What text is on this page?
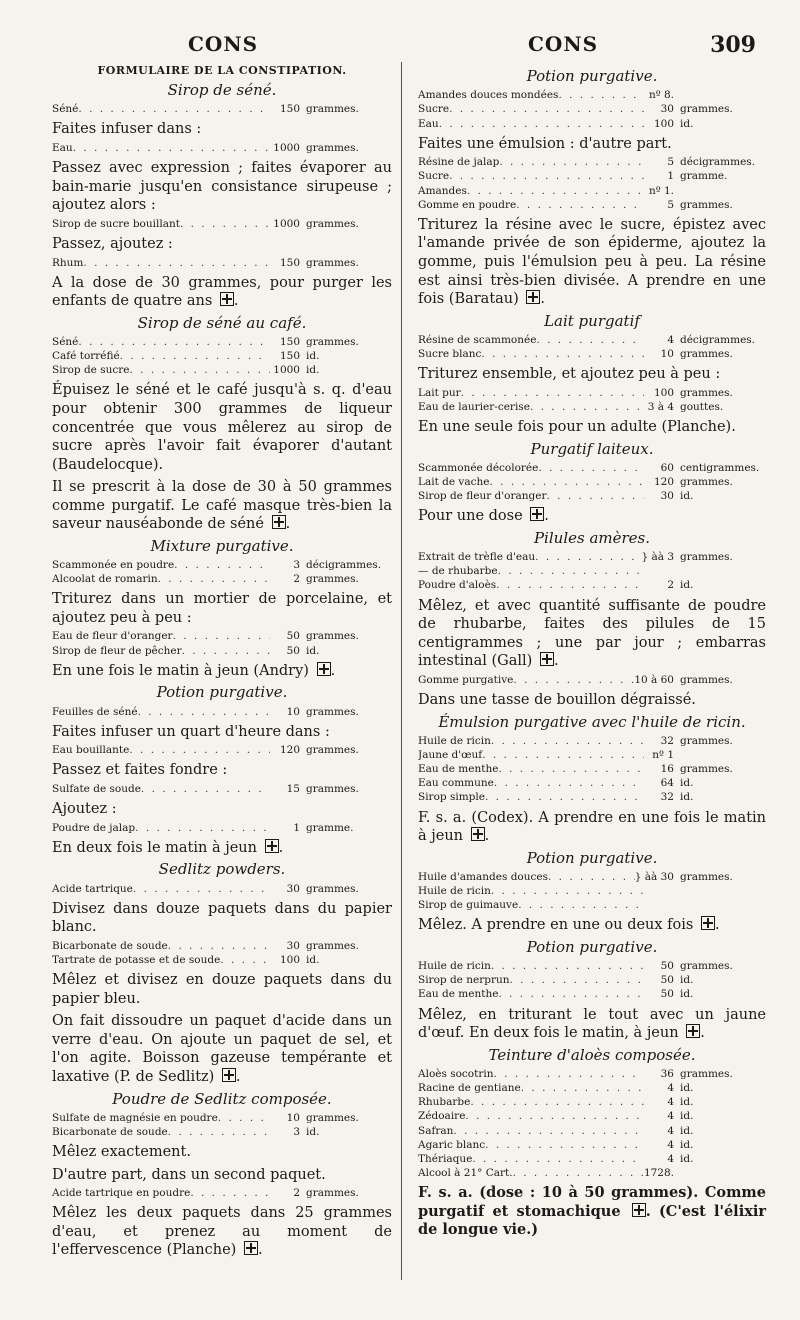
CONS	CONS	309
FORMULAIRE DE LA CONSTIPATION.
Sirop de séné.
Séné . . .	150 grammes.
Faites infuser dans :
Eau . . .	1000 grammes.
Passez avec expression ; faites évaporer au bain-marie jusqu'en consistance sirupeuse ; ajoutez alors :
Sirop de sucre bouillant . . .	1000 grammes.
Passez, ajoutez :
Rhum . . .	150 grammes.
A la dose de 30 grammes, pour purger les enfants de quatre ans .
Sirop de séné au café.
Séné . . .	150 grammes.
Café torréfié . . .	150 id.
Sirop de sucre . . .	1000 id.
Épuisez le séné et le café jusqu'à s. q. d'eau pour obtenir 300 grammes de liqueur concentrée que vous mêlerez au sirop de sucre après l'avoir fait évaporer d'autant (Baudelocque).
Il se prescrit à la dose de 30 à 50 grammes comme purgatif. Le café masque très-bien la saveur nauséabonde de séné .
Mixture purgative.
Scammonée en poudre . . .	3 décigrammes.
Alcoolat de romarin . . .	2 grammes.
Triturez dans un mortier de porcelaine, et ajoutez peu à peu :
Eau de fleur d'oranger . . .	50 grammes.
Sirop de fleur de pêcher . . .	50 id.
En une fois le matin à jeun (Andry) .
Potion purgative.
Feuilles de séné . . .	10 grammes.
Faites infuser un quart d'heure dans :
Eau bouillante . . .	120 grammes.
Passez et faites fondre :
Sulfate de soude . . .	15 grammes.
Ajoutez :
Poudre de jalap . . .	1 gramme.
En deux fois le matin à jeun .
Sedlitz powders.
Acide tartrique . . .	30 grammes.
Divisez dans douze paquets dans du papier blanc.
Bicarbonate de soude . . .	30 grammes.
Tartrate de potasse et de soude . . .	100 id.
Mêlez et divisez en douze paquets dans du papier bleu.
On fait dissoudre un paquet d'acide dans un verre d'eau. On ajoute un paquet de sel, et l'on agite. Boisson gazeuse tempérante et laxative (P. de Sedlitz) .
Poudre de Sedlitz composée.
Sulfate de magnésie en poudre . . .	10 grammes.
Bicarbonate de soude . . .	3 id.
Mêlez exactement.
D'autre part, dans un second paquet.
Acide tartrique en poudre . . .	2 grammes.
Mêlez les deux paquets dans 25 grammes d'eau, et prenez au moment de l'effervescence (Planche) .
Potion purgative.
Amandes douces mondées . . .	nº 8.
Sucre . . .	30 grammes.
Eau . . .	100 id.
Faites une émulsion : d'autre part.
Résine de jalap . . .	5 décigrammes.
Sucre . . .	1 gramme.
Amandes . . .	nº 1.
Gomme en poudre . . .	5 grammes.
Triturez la résine avec le sucre, épistez avec l'amande privée de son épiderme, ajoutez la gomme, puis l'émulsion peu à peu. La résine est ainsi très-bien divisée. A prendre en une fois (Baratau) .
Lait purgatif
Résine de scammonée . . .	4 décigrammes.
Sucre blanc . . .	10 grammes.
Triturez ensemble, et ajoutez peu à peu :
Lait pur . . .	100 grammes.
Eau de laurier-cerise . . .	3 à 4 gouttes.
En une seule fois pour un adulte (Planche).
Purgatif laiteux.
Scammonée décolorée . . .	60 centigrammes.
Lait de vache . . .	120 grammes.
Sirop de fleur d'oranger . . .	30 id.
Pour une dose .
Pilules amères.
Extrait de trèfle d'eau . . .	} àà 3 grammes.
— de rhubarbe
. . .
Poudre d'aloès . . .	2 id.
Mêlez, et avec quantité suffisante de poudre de rhubarbe, faites des pilules de 15 centigrammes ; une par jour ; embarras intestinal (Gall) .
Gomme purgative . . .	10 à 60 grammes.
Dans une tasse de bouillon dégraissé.
Émulsion purgative avec l'huile de ricin.
Huile de ricin . . .	32 grammes.
Jaune d'œuf . . .	nº 1
Eau de menthe . . .	16 grammes.
Eau commune . . .	64 id.
Sirop simple . . .	32 id.
F. s. a. (Codex). A prendre en une fois le matin à jeun .
Potion purgative.
Huile d'amandes douces . . .	} àà 30 grammes.
Huile de ricin
. . .
Sirop de guimauve
. . .
Mêlez. A prendre en une ou deux fois .
Potion purgative.
Huile de ricin . . .	50 grammes.
Sirop de nerprun . . .	50 id.
Eau de menthe . . .	50 id.
Mêlez, en triturant le tout avec un jaune d'œuf. En deux fois le matin, à jeun .
Teinture d'aloès composée.
Aloès socotrin . . .	36 grammes.
Racine de gentiane . . .	4 id.
Rhubarbe . . .	4 id.
Zédoaire . . .	4 id.
Safran . . .	4 id.
Agaric blanc . . .	4 id.
Thériaque . . .	4 id.
Alcool à 21° Cart. . . .	1728.
F. s. a. (dose : 10 à 50 grammes). Comme purgatif et stomachique . (C'est l'élixir de longue vie.)
